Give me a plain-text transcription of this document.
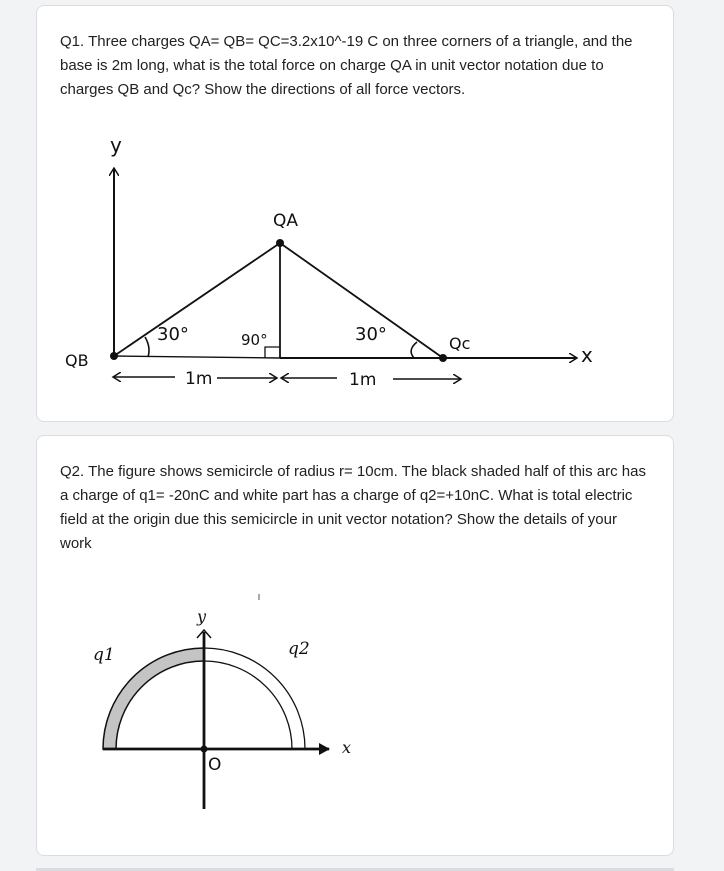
Q1. Three charges QA= QB= QC=3.2x10^-19 C on three corners of a triangle, and the base is 2m long, what is the total force on charge QA in unit vector notation due to charges QB and Qc? Show the directions of all force vectors.

y
x
QA
QB
Qc
30°	90°	30°
1m	1m

Q2. The figure shows semicircle of radius r= 10cm. The black shaded half of this arc has a charge of q1= -20nC and white part has a charge of q2=+10nC. What is total electric field at the origin due this semicircle in unit vector notation? Show the details of your work

y
x
q1	q2
O
